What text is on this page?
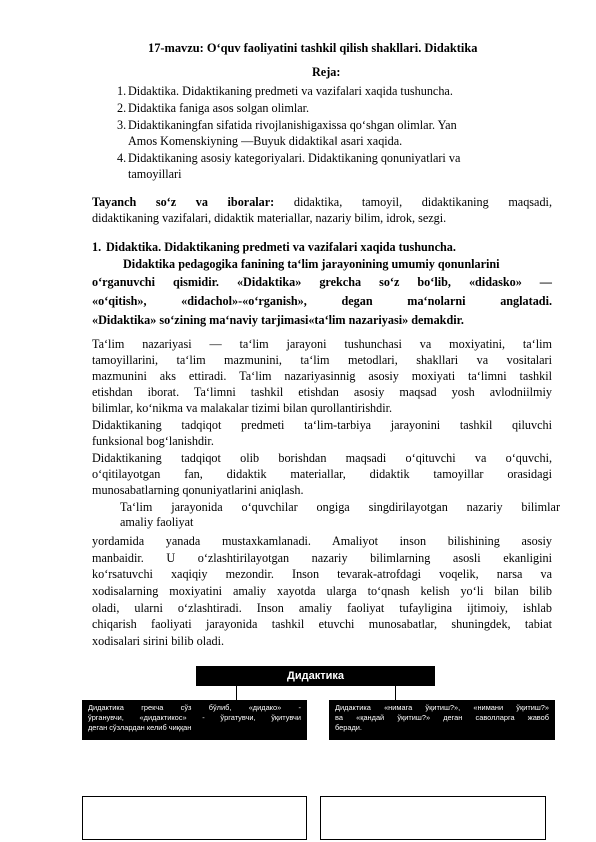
17-mavzu: O‘quv faoliyatini tashkil qilish shakllari. Didaktika
Reja:
1. Didaktika. Didaktikaning predmeti va vazifalari xaqida tushuncha.
2. Didaktika faniga asos solgan olimlar.
3. Didaktikaningfan sifatida rivojlanishigaxissa qo‘shgan olimlar. Yan
Amos Komenskiyning ―Buyuk didaktika‖ asari xaqida.
4. Didaktikaning asosiy kategoriyalari. Didaktikaning qonuniyatlari va
tamoyillari
Tayanch so‘z va iboralar: didaktika, tamoyil, didaktikaning maqsadi,
didaktikaning vazifalari, didaktik materiallar, nazariy bilim, idrok, sezgi.
1. Didaktika. Didaktikaning predmeti va vazifalari xaqida tushuncha.
Didaktika pedagogika fanining ta‘lim jarayonining umumiy qonunlarini
o‘rganuvchi qismidir. «Didaktika» grekcha so‘z bo‘lib, «didasko» —
«o‘qitish», «didachol»-«o‘rganish», degan ma‘nolarni anglatadi.
«Didaktika» so‘zining ma‘naviy tarjimasi«ta‘lim nazariyasi» demakdir.
Ta‘lim nazariyasi — ta‘lim jarayoni tushunchasi va moxiyatini, ta‘lim
tamoyillarini, ta‘lim mazmunini, ta‘lim metodlari, shakllari va vositalari
mazmunini aks ettiradi. Ta‘lim nazariyasinnig asosiy moxiyati ta‘limni tashkil
etishdan iborat. Ta‘limni tashkil etishdan asosiy maqsad yosh avlodniilmiy
bilimlar, ko‘nikma va malakalar tizimi bilan qurollantirishdir.
Didaktikaning tadqiqot predmeti ta‘lim-tarbiya jarayonini tashkil qiluvchi
funksional bog‘lanishdir.
Didaktikaning tadqiqot olib borishdan maqsadi o‘qituvchi va o‘quvchi,
o‘qitilayotgan fan, didaktik materiallar, didaktik tamoyillar orasidagi
munosabatlarning qonuniyatlarini aniqlash.
Ta‘lim jarayonida o‘quvchilar ongiga singdirilayotgan nazariy bilimlar
amaliy faoliyat
yordamida yanada mustaxkamlanadi. Amaliyot inson bilishining asosiy
manbaidir. U o‘zlashtirilayotgan nazariy bilimlarning asosli ekanligini
ko‘rsatuvchi xaqiqiy mezondir. Inson tevarak-atrofdagi voqelik, narsa va
xodisalarning moxiyatini amaliy xayotda ularga to‘qnash kelish yo‘li bilan bilib
oladi, ularni o‘zlashtiradi. Inson amaliy faoliyat tufayligina ijtimoiy, ishlab
chiqarish faoliyati jarayonida tashkil etuvchi munosabatlar, shuningdek, tabiat
xodisalari sirini bilib oladi.
Дидактика
Дидактика грекча сўз бўлиб, «дидако» -
ўрганувчи, «дидактикос» - ўргатувчи, ўқитувчи
деган сўзлардан келиб чиққан
Дидактика «нимага ўқитиш?», «нимани ўқитиш?»
ва «қандай ўқитиш?» деган саволларга жавоб
беради.
